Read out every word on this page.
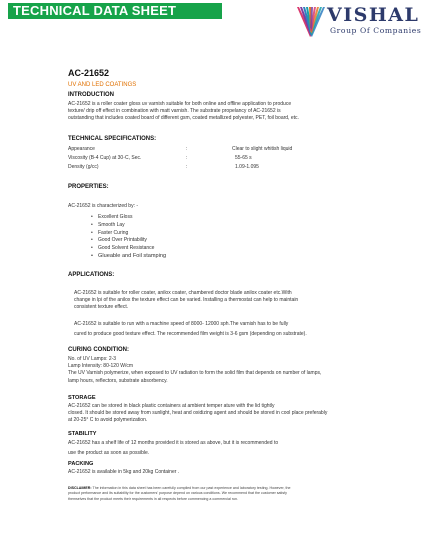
TECHNICAL DATA SHEET	VISHAL
Group Of Companies
AC-21652
UV AND LED COATINGS
INTRODUCTION
AC-21652 is a roller coater gloss uv varnish suitable for both online and offline application to produce
texture/ drip off effect in combination with matt varnish. The substrate propelancy of AC-21652 is
outstanding that includes coated board of different gsm, coated metallized polyester, PET, foil board, etc.
TECHNICAL SPECIFICATIONS:
Appearance	:	Clear to slight whitish liquid
Viscosity (B-4 Cup) at 30◦C, Sec.	:	55-65 s
Density (g/cc)	:	1.09-1.095
PROPERTIES:
AC-21652 is characterized by: -
• Excellent Gloss
• Smooth Lay
• Faster Curing
• Good Over Printability
• Good Solvent Resistance
• Glueable and Foil stamping
APPLICATIONS:
AC-21652 is suitable for roller coater, anilox coater, chambered doctor blade anilox coater etc.With
change in lpi of the anilox the texture effect can be varied. Installing a thermostat can help to maintain
consistent texture effect.
AC-21652 is suitable to run with a machine speed of 8000- 12000 sph.The varnish has to be fully
cured to produce good texture effect. The recommended film weight is 3-6 gsm (depending on substrate).
CURING CONDITION:
No. of UV Lamps: 2-3
Lamp Intensity: 80-120 W/cm
The UV Varnish polymerize, when exposed to UV radiation to form the solid film that depends on number of lamps,
lamp hours, reflectors, substrate absorbency.
STORAGE
AC-21652 can be stored in black plastic containers at ambient temper ature with the lid tightly
closed. It should be stored away from sunlight, heat and oxidizing agent and should be stored in cool place preferably
at 20-25° C to avoid polymerization.
STABILITY
AC-21652 has a shelf life of 12 months provided it is stored as above, but it is recommended to
use the product as soon as possible.
PACKING
AC-21652 is available in 5kg and 20kg Container .
DISCLAIMER: The information in this data sheet has been carefully compiled from our past experience and laboratory testing. However, the
product performance and its suitability for the customers' purpose depend on various conditions. We recommend that the customer satisfy
themselves that the product meets their requirements in all respects before commencing a commercial run.
